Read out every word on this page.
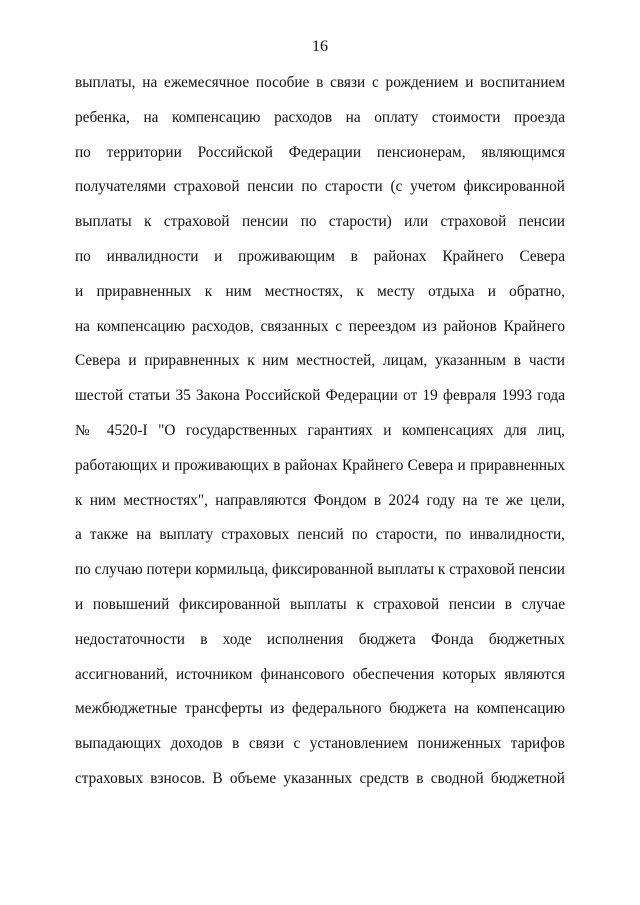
16
выплаты, на ежемесячное пособие в связи с рождением и воспитанием
ребенка, на компенсацию расходов на оплату стоимости проезда
по территории Российской Федерации пенсионерам, являющимся
получателями страховой пенсии по старости (с учетом фиксированной
выплаты к страховой пенсии по старости) или страховой пенсии
по инвалидности и проживающим в районах Крайнего Севера
и приравненных к ним местностях, к месту отдыха и обратно,
на компенсацию расходов, связанных с переездом из районов Крайнего
Севера и приравненных к ним местностей, лицам, указанным в части
шестой статьи 35 Закона Российской Федерации от 19 февраля 1993 года
№ 4520-I "О государственных гарантиях и компенсациях для лиц,
работающих и проживающих в районах Крайнего Севера и приравненных
к ним местностях", направляются Фондом в 2024 году на те же цели,
а также на выплату страховых пенсий по старости, по инвалидности,
по случаю потери кормильца, фиксированной выплаты к страховой пенсии
и повышений фиксированной выплаты к страховой пенсии в случае
недостаточности в ходе исполнения бюджета Фонда бюджетных
ассигнований, источником финансового обеспечения которых являются
межбюджетные трансферты из федерального бюджета на компенсацию
выпадающих доходов в связи с установлением пониженных тарифов
страховых взносов. В объеме указанных средств в сводной бюджетной
